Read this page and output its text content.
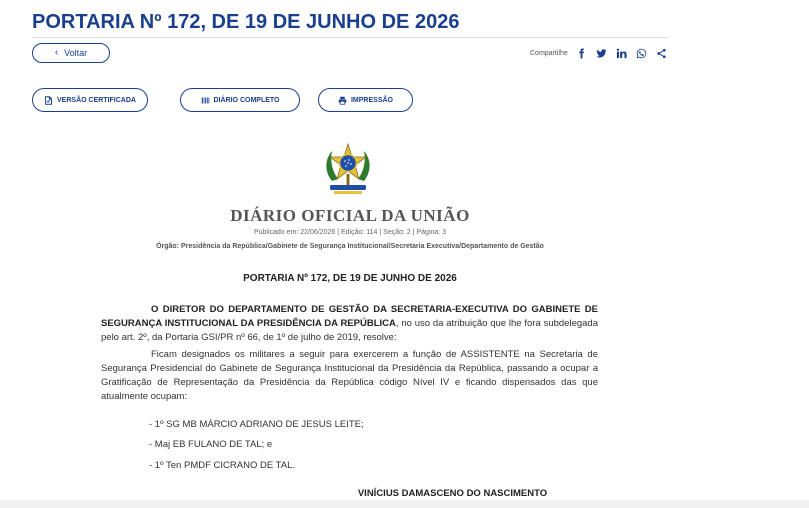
PORTARIA Nº 172, DE 19 DE JUNHO DE 2026
‹ Voltar	Compartilhe
VERSÃO CERTIFICADA	DIÁRIO COMPLETO	IMPRESSÃO
DIÁRIO OFICIAL DA UNIÃO
Publicado em: 22/06/2026 | Edição: 114 | Seção: 2 | Página: 3
Órgão: Presidência da República/Gabinete de Segurança Institucional/Secretaria Executiva/Departamento de Gestão
PORTARIA Nº 172, DE 19 DE JUNHO DE 2026

O DIRETOR DO DEPARTAMENTO DE GESTÃO DA SECRETARIA-EXECUTIVA DO GABINETE DE SEGURANÇA INSTITUCIONAL DA PRESIDÊNCIA DA REPÚBLICA, no uso da atribuição que lhe fora subdelegada pelo art. 2º, da Portaria GSI/PR nº 66, de 1º de julho de 2019, resolve:

Ficam designados os militares a seguir para exercerem a função de ASSISTENTE na Secretaria de Segurança Presidencial do Gabinete de Segurança Institucional da Presidência da República, passando a ocupar a Gratificação de Representação da Presidência da República código Nível IV e ficando dispensados das que atualmente ocupam:

- 1º SG MB MÁRCIO ADRIANO DE JESUS LEITE;
- Maj EB FULANO DE TAL; e
- 1º Ten PMDF CICRANO DE TAL.
VINÍCIUS DAMASCENO DO NASCIMENTO
